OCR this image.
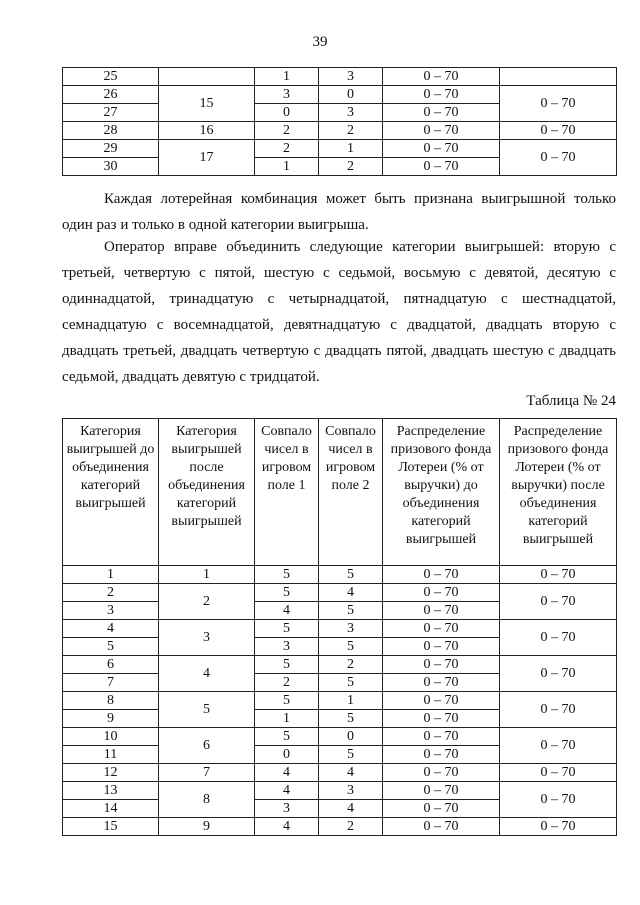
39
25		1	3	0 – 70	
26	15	3	0	0 – 70	0 – 70
27		0	3	0 – 70	
28	16	2	2	0 – 70	0 – 70
29	17	2	1	0 – 70	0 – 70
30		1	2	0 – 70	

Каждая лотерейная комбинация может быть признана выигрышной только один раз и только в одной категории выигрыша.

Оператор вправе объединить следующие категории выигрышей: вторую с третьей, четвертую с пятой, шестую с седьмой, восьмую с девятой, десятую с одиннадцатой, тринадцатую с четырнадцатой, пятнадцатую с шестнадцатой, семнадцатую с восемнадцатой, девятнадцатую с двадцатой, двадцать вторую с двадцать третьей, двадцать четвертую с двадцать пятой, двадцать шестую с двадцать седьмой, двадцать девятую с тридцатой.

Таблица № 24
Категория выигрышей до объединения категорий выигрышей	Категория выигрышей после объединения категорий выигрышей	Совпало чисел в игровом поле 1	Совпало чисел в игровом поле 2	Распределение призового фонда Лотереи (% от выручки) до объединения категорий выигрышей	Распределение призового фонда Лотереи (% от выручки) после объединения категорий выигрышей
1	1	5	5	0 – 70	0 – 70
2	2	5	4	0 – 70	0 – 70
3		4	5	0 – 70	
4	3	5	3	0 – 70	0 – 70
5		3	5	0 – 70	
6	4	5	2	0 – 70	0 – 70
7		2	5	0 – 70	
8	5	5	1	0 – 70	0 – 70
9		1	5	0 – 70	
10	6	5	0	0 – 70	0 – 70
11		0	5	0 – 70	
12	7	4	4	0 – 70	0 – 70
13	8	4	3	0 – 70	0 – 70
14		3	4	0 – 70	
15	9	4	2	0 – 70	0 – 70
